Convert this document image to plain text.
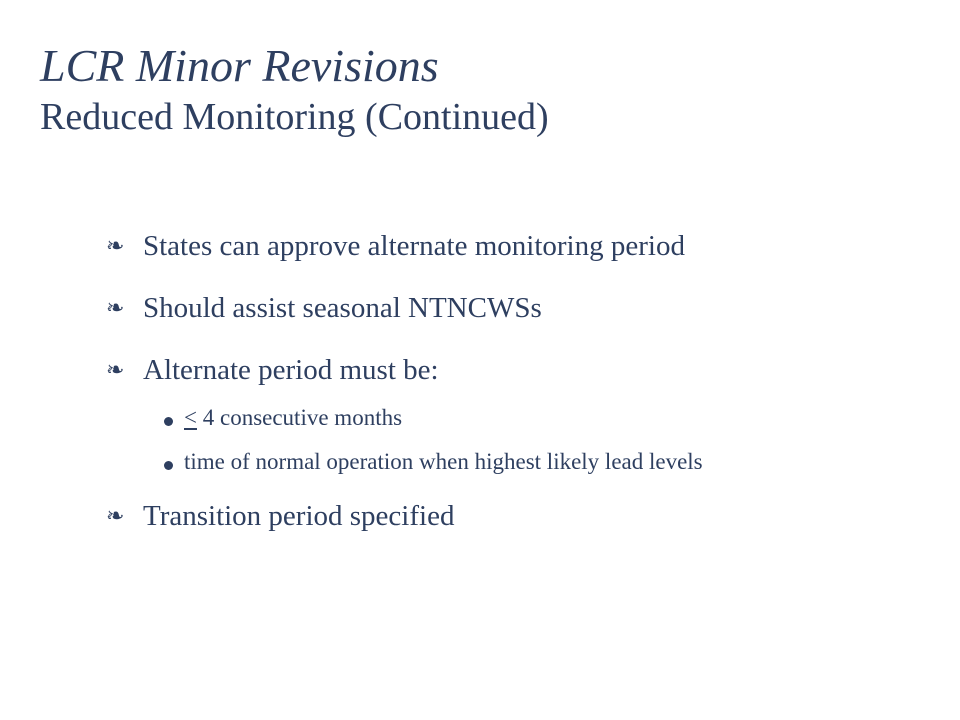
LCR Minor Revisions
Reduced Monitoring (Continued)
❧ States can approve alternate monitoring period
❧ Should assist seasonal NTNCWSs
❧ Alternate period must be:
≤ 4 consecutive months
time of normal operation when highest likely lead levels
❧ Transition period specified
